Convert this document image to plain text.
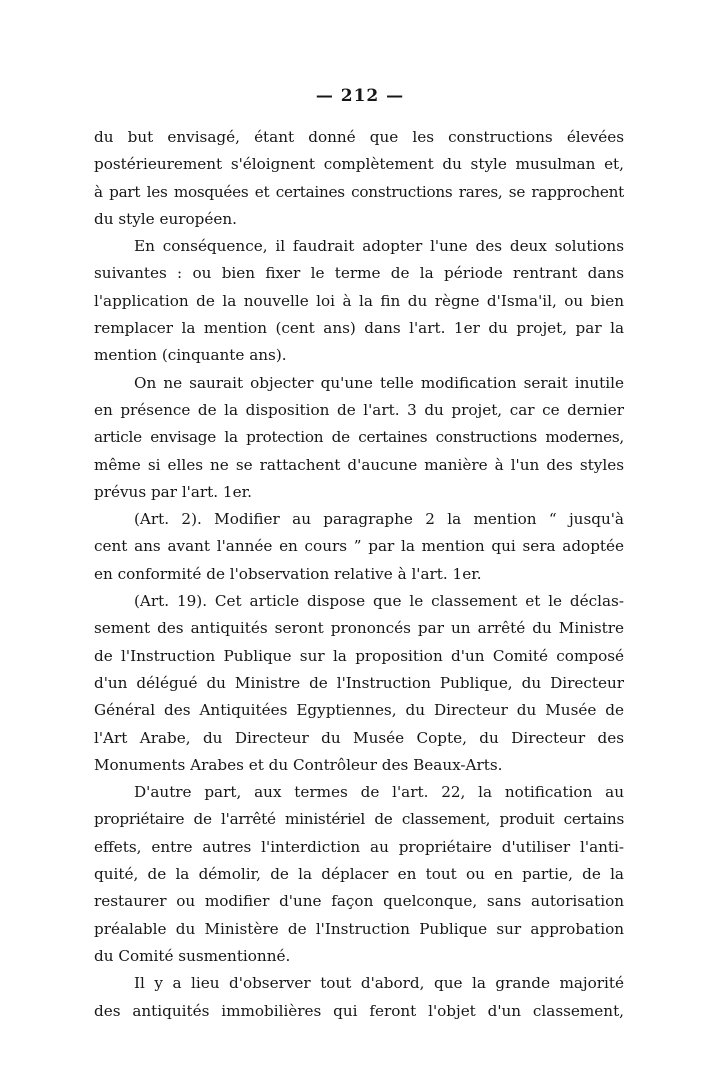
— 212 —
du but envisagé, étant donné que les constructions élevées
postérieurement s'éloignent complètement du style musulman et,
à part les mosquées et certaines constructions rares, se rapprochent
du style européen.
En conséquence, il faudrait adopter l'une des deux solutions
suivantes : ou bien fixer le terme de la période rentrant dans
l'application de la nouvelle loi à la fin du règne d'Isma'il, ou bien
remplacer la mention (cent ans) dans l'art. 1er du projet, par la
mention (cinquante ans).
On ne saurait objecter qu'une telle modification serait inutile
en présence de la disposition de l'art. 3 du projet, car ce dernier
article envisage la protection de certaines constructions modernes,
même si elles ne se rattachent d'aucune manière à l'un des styles
prévus par l'art. 1er.
(Art. 2). Modifier au paragraphe 2 la mention “ jusqu'à
cent ans avant l'année en cours ” par la mention qui sera adoptée
en conformité de l'observation relative à l'art. 1er.
(Art. 19). Cet article dispose que le classement et le déclas-
sement des antiquités seront prononcés par un arrêté du Ministre
de l'Instruction Publique sur la proposition d'un Comité composé
d'un délégué du Ministre de l'Instruction Publique, du Directeur
Général des Antiquitées Egyptiennes, du Directeur du Musée de
l'Art Arabe, du Directeur du Musée Copte, du Directeur des
Monuments Arabes et du Contrôleur des Beaux-Arts.
D'autre part, aux termes de l'art. 22, la notification au
propriétaire de l'arrêté ministériel de classement, produit certains
effets, entre autres l'interdiction au propriétaire d'utiliser l'anti-
quité, de la démolir, de la déplacer en tout ou en partie, de la
restaurer ou modifier d'une façon quelconque, sans autorisation
préalable du Ministère de l'Instruction Publique sur approbation
du Comité susmentionné.
Il y a lieu d'observer tout d'abord, que la grande majorité
des antiquités immobilières qui feront l'objet d'un classement,
